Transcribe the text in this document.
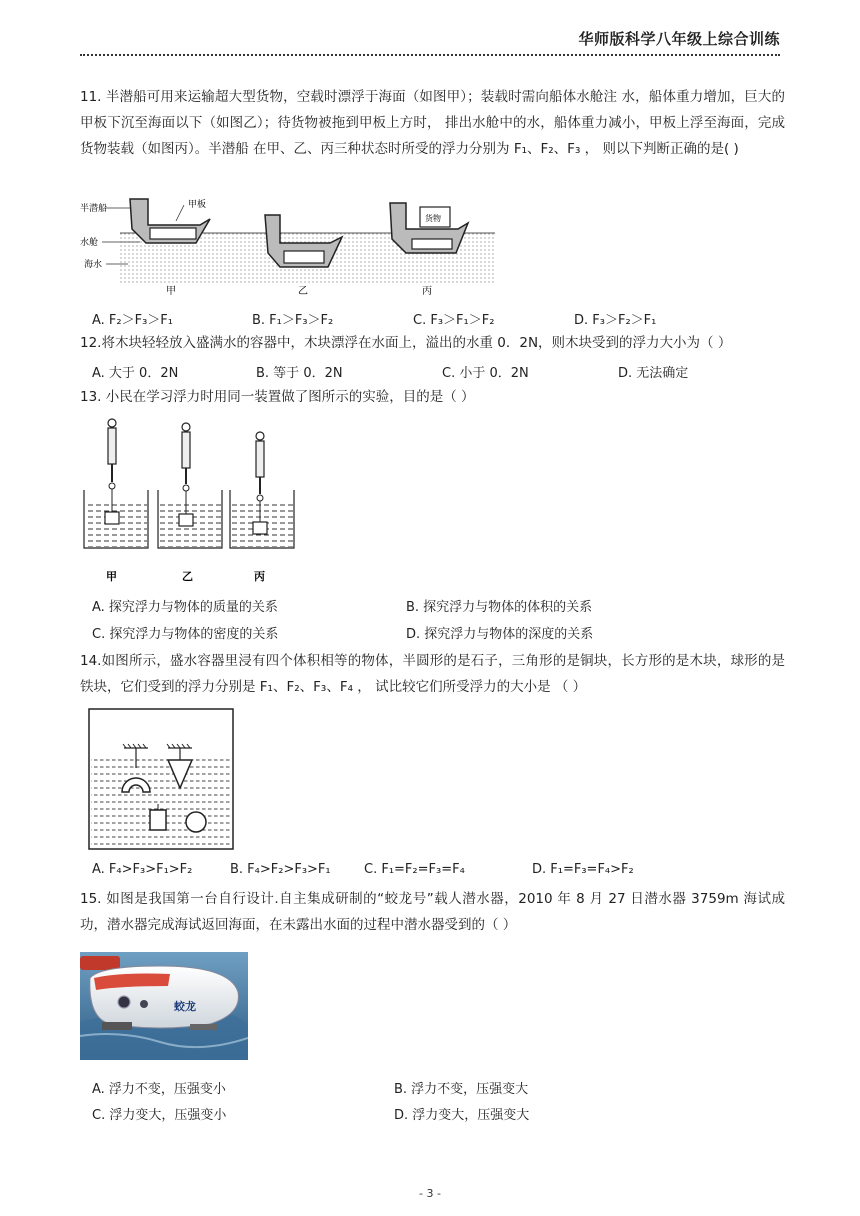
华师版科学八年级上综合训练
11. 半潜船可用来运输超大型货物，空载时漂浮于海面（如图甲）；装载时需向船体水舱注 水，船体重力增加，巨大的甲板下沉至海面以下（如图乙）；待货物被拖到甲板上方时， 排出水舱中的水，船体重力减小，甲板上浮至海面，完成货物装载（如图丙）。半潜船 在甲、乙、丙三种状态时所受的浮力分别为 F₁、F₂、F₃ ， 则以下判断正确的是( )
半潜船
水舱
海水
甲板
货物
甲	乙	丙
A. F₂＞F₃＞F₁	B. F₁＞F₃＞F₂	C. F₃＞F₁＞F₂	D. F₃＞F₂＞F₁
12.将木块轻轻放入盛满水的容器中，木块漂浮在水面上，溢出的水重 0．2N，则木块受到的浮力大小为（ ）
A. 大于 0．2N	B. 等于 0．2N	C. 小于 0．2N	D. 无法确定
13. 小民在学习浮力时用同一装置做了图所示的实验，目的是（ ）
甲	乙	丙
A. 探究浮力与物体的质量的关系	B. 探究浮力与物体的体积的关系
C. 探究浮力与物体的密度的关系	D. 探究浮力与物体的深度的关系
14.如图所示，盛水容器里浸有四个体积相等的物体，半圆形的是石子，三角形的是铜块，长方形的是木块，球形的是铁块，它们受到的浮力分别是 F₁、F₂、F₃、F₄ ， 试比较它们所受浮力的大小是 （ ）
A. F₄>F₃>F₁>F₂	B. F₄>F₂>F₃>F₁	C. F₁=F₂=F₃=F₄	D. F₁=F₃=F₄>F₂
15. 如图是我国第一台自行设计.自主集成研制的“蛟龙号”载人潜水器，2010 年 8 月 27 日潜水器 3759m 海试成功，潜水器完成海试返回海面，在未露出水面的过程中潜水器受到的（ ）
蛟龙
A. 浮力不变，压强变小	B. 浮力不变，压强变大
C. 浮力变大，压强变小	D. 浮力变大，压强变大
- 3 -
